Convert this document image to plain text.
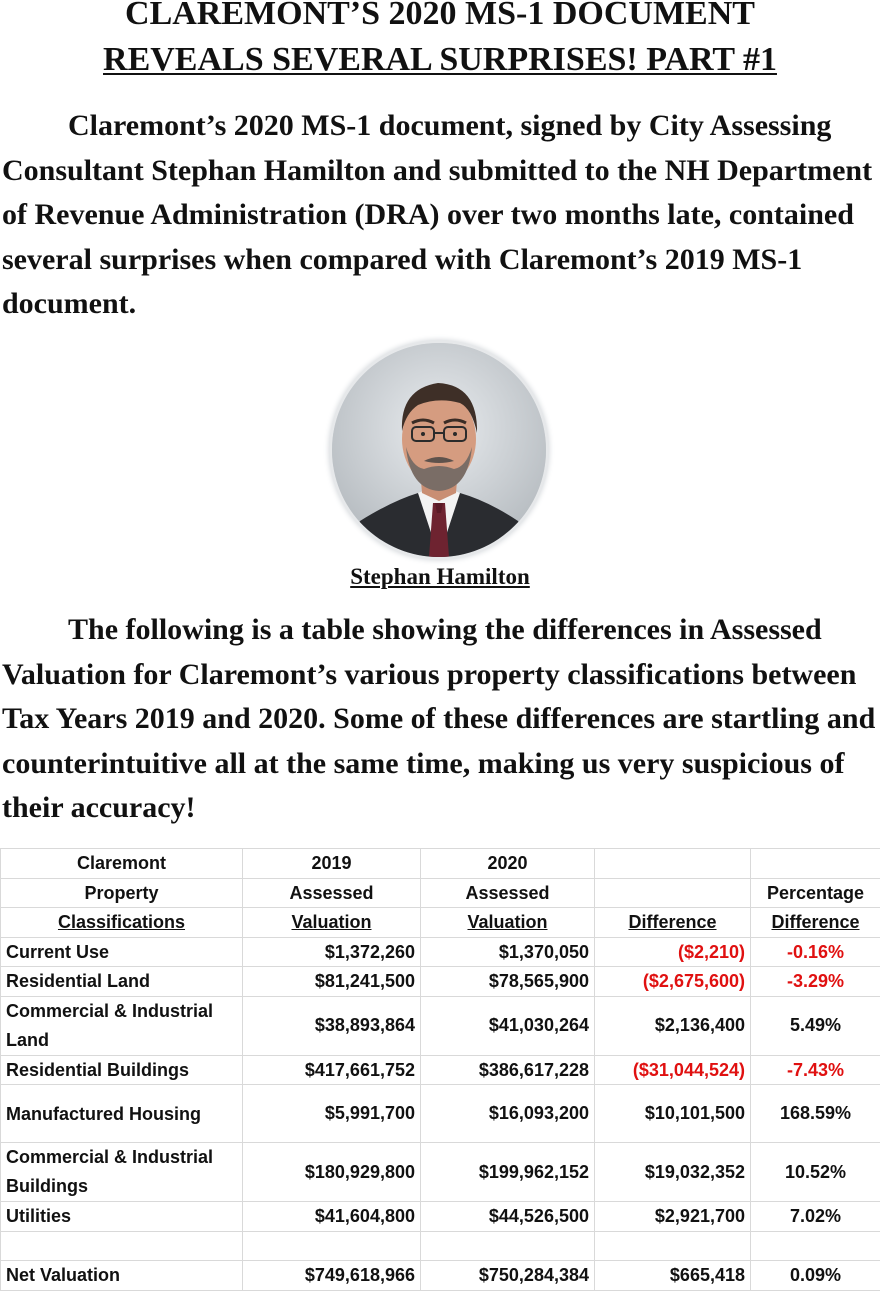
CLAREMONT’S 2020 MS-1 DOCUMENT
REVEALS SEVERAL SURPRISES! PART #1

Claremont’s 2020 MS-1 document, signed by City Assessing Consultant Stephan Hamilton and submitted to the NH Department of Revenue Administration (DRA) over two months late, contained several surprises when compared with Claremont’s 2019 MS-1 document.

Stephan Hamilton

The following is a table showing the differences in Assessed Valuation for Claremont’s various property classifications between Tax Years 2019 and 2020. Some of these differences are startling and counterintuitive all at the same time, making us very suspicious of their accuracy!

Claremont	2019	2020		
Property	Assessed	Assessed		Percentage
Classifications	Valuation	Valuation	Difference	Difference
Current Use	$1,372,260	$1,370,050	($2,210)	-0.16%
Residential Land	$81,241,500	$78,565,900	($2,675,600)	-3.29%
Commercial & Industrial Land	$38,893,864	$41,030,264	$2,136,400	5.49%
Residential Buildings	$417,661,752	$386,617,228	($31,044,524)	-7.43%
Manufactured Housing	$5,991,700	$16,093,200	$10,101,500	168.59%
Commercial & Industrial Buildings	$180,929,800	$199,962,152	$19,032,352	10.52%
Utilities	$41,604,800	$44,526,500	$2,921,700	7.02%

Net Valuation	$749,618,966	$750,284,384	$665,418	0.09%
